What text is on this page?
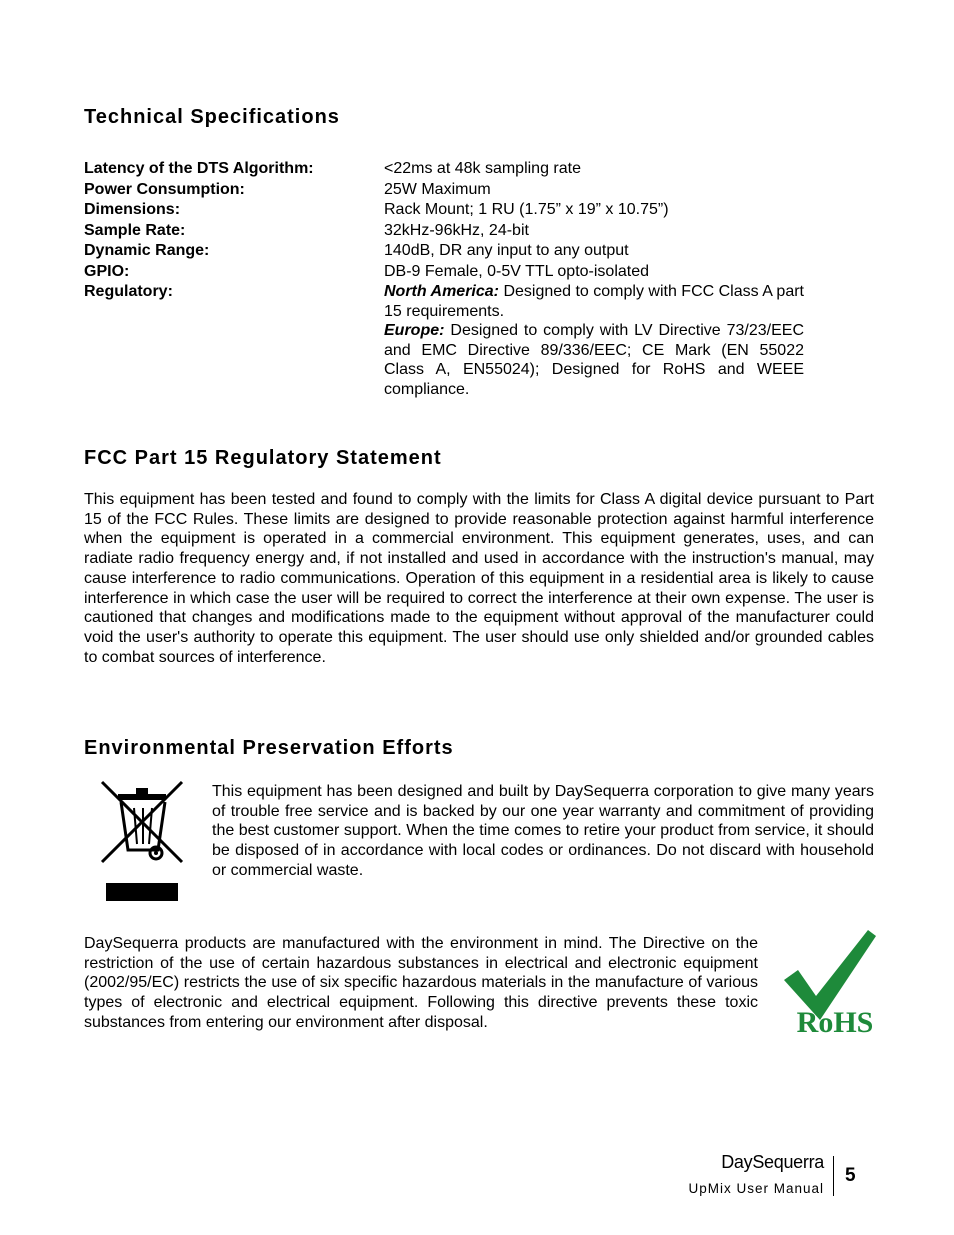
Technical Specifications
Latency of the DTS Algorithm:	<22ms at 48k sampling rate
Power Consumption:	25W Maximum
Dimensions:	Rack Mount; 1 RU (1.75” x 19” x 10.75”)
Sample Rate:	32kHz-96kHz, 24-bit
Dynamic Range:	140dB, DR any input to any output
GPIO:	DB-9 Female, 0-5V TTL opto-isolated
Regulatory:	North America: Designed to comply with FCC Class A part 15 requirements.

Europe: Designed to comply with LV Directive 73/23/EEC and EMC Directive 89/336/EEC; CE Mark (EN 55022 Class A, EN55024); Designed for RoHS and WEEE compliance.

FCC Part 15 Regulatory Statement

This equipment has been tested and found to comply with the limits for Class A digital device pursuant to Part 15 of the FCC Rules. These limits are designed to provide reasonable protection against harmful interference when the equipment is operated in a commercial environment. This equipment generates, uses, and can radiate radio frequency energy and, if not installed and used in accordance with the instruction's manual, may cause interference to radio communications. Operation of this equipment in a residential area is likely to cause interference in which case the user will be required to correct the interference at their own expense. The user is cautioned that changes and modifications made to the equipment without approval of the manufacturer could void the user's authority to operate this equipment. The user should use only shielded and/or grounded cables to combat sources of interference.

Environmental Preservation Efforts

This equipment has been designed and built by DaySequerra corporation to give many years of trouble free service and is backed by our one year warranty and commitment of providing the best customer support. When the time comes to retire your product from service, it should be disposed of in accordance with local codes or ordinances. Do not discard with household or commercial waste.

DaySequerra products are manufactured with the environment in mind. The Directive on the restriction of the use of certain hazardous substances in electrical and electronic equipment (2002/95/EC) restricts the use of six specific hazardous materials in the manufacture of various types of electronic and electrical equipment. Following this directive prevents these toxic substances from entering our environment after disposal.	RoHS
DaySequerra
UpMix User Manual
5
